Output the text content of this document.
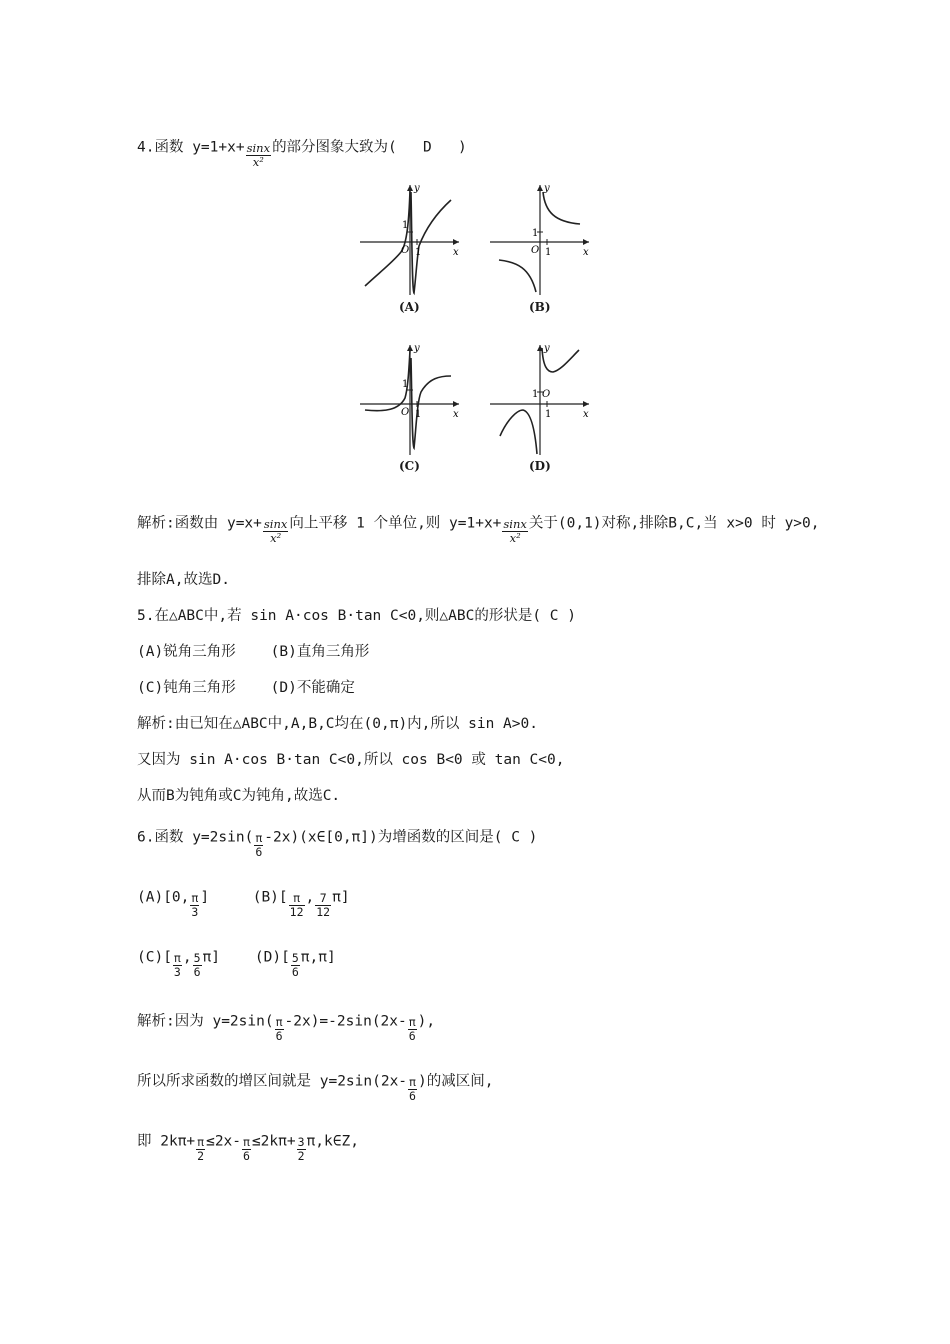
4.函数 $y=1+x+ \frac{\sin x}{\text{x²}}$ 的部分图象大致为( D )
1
O 1	x
y
(A)
1
O 1	x
y
(B)
1
O 1	x
y
(C)
1 O
1	x
y
(D)
解析:函数由 $y=x+ \frac{\sin x}{\text{x²}}$ 向上平移 1 个单位,则 $y=1+x+ \frac{\sin x}{\text{x²}}$ 关于(0,1)对称,排除B,C,当 x>0 时 y>0,
排除A,故选D.
5.在△ABC中,若 sin A·cos B·tan C<0,则△ABC的形状是( C )
(A)锐角三角形 (B)直角三角形
(C)钝角三角形 (D)不能确定
解析:由已知在△ABC中,A,B,C均在(0,π)内,所以 sin A>0.
又因为 sin A·cos B·tan C<0,所以 cos B<0 或 tan C<0,
从而B为钝角或C为钝角,故选C.
6.函数 $y=2\sin( \frac{\pi}{6}$ -2x)(x∈[0,π])为增函数的区间是( C )
(A)[0, $\frac{\pi}{3}$ ]	$(B)[ \frac{\pi}{12}$ , $\frac{7}{12} \pi$]
$(C)[ \frac{\pi}{3}$ , $\frac{5}{6} \pi$] $(D)[ \frac{5}{6} \pi,\pi]$
解析:因为 $y=2\sin( \frac{\pi}{6} -2x)=-2\sin(2x- \frac{\pi}{6}$ ),
所以所求函数的增区间就是 $y=2\sin(2x- \frac{\pi}{6}$ )的减区间,
即 $2k\pi+ \frac{\pi}{2} \le 2x- \frac{\pi}{6} \le 2k\pi+ \frac{3}{2}$ π,k∈Z,
